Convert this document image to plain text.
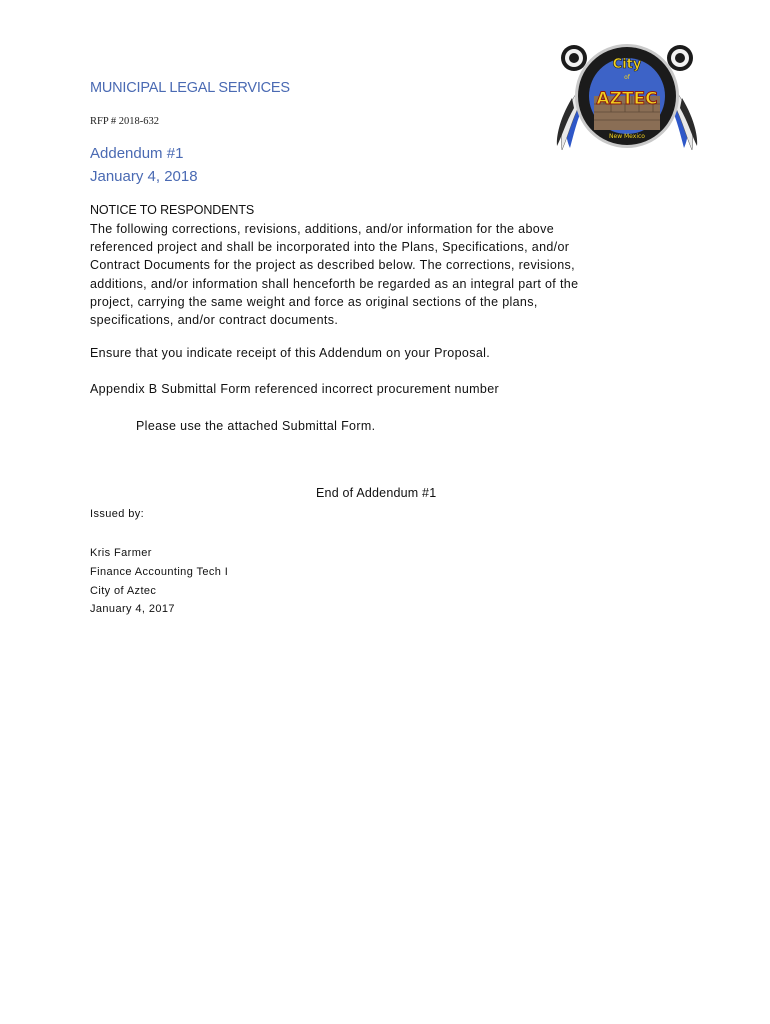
MUNICIPAL LEGAL SERVICES
RFP # 2018-632
Addendum #1
January 4, 2018
City
of
AZTEC
New Mexico
NOTICE TO RESPONDENTS
The following corrections, revisions, additions, and/or information for the above
referenced project and shall be incorporated into the Plans, Specifications, and/or
Contract Documents for the project as described below. The corrections, revisions,
additions, and/or information shall henceforth be regarded as an integral part of the
project, carrying the same weight and force as original sections of the plans,
specifications, and/or contract documents.
Ensure that you indicate receipt of this Addendum on your Proposal.
Appendix B Submittal Form referenced incorrect procurement number
Please use the attached Submittal Form.
End of Addendum #1
Issued by:
Kris Farmer
Finance Accounting Tech I
City of Aztec
January 4, 2017
